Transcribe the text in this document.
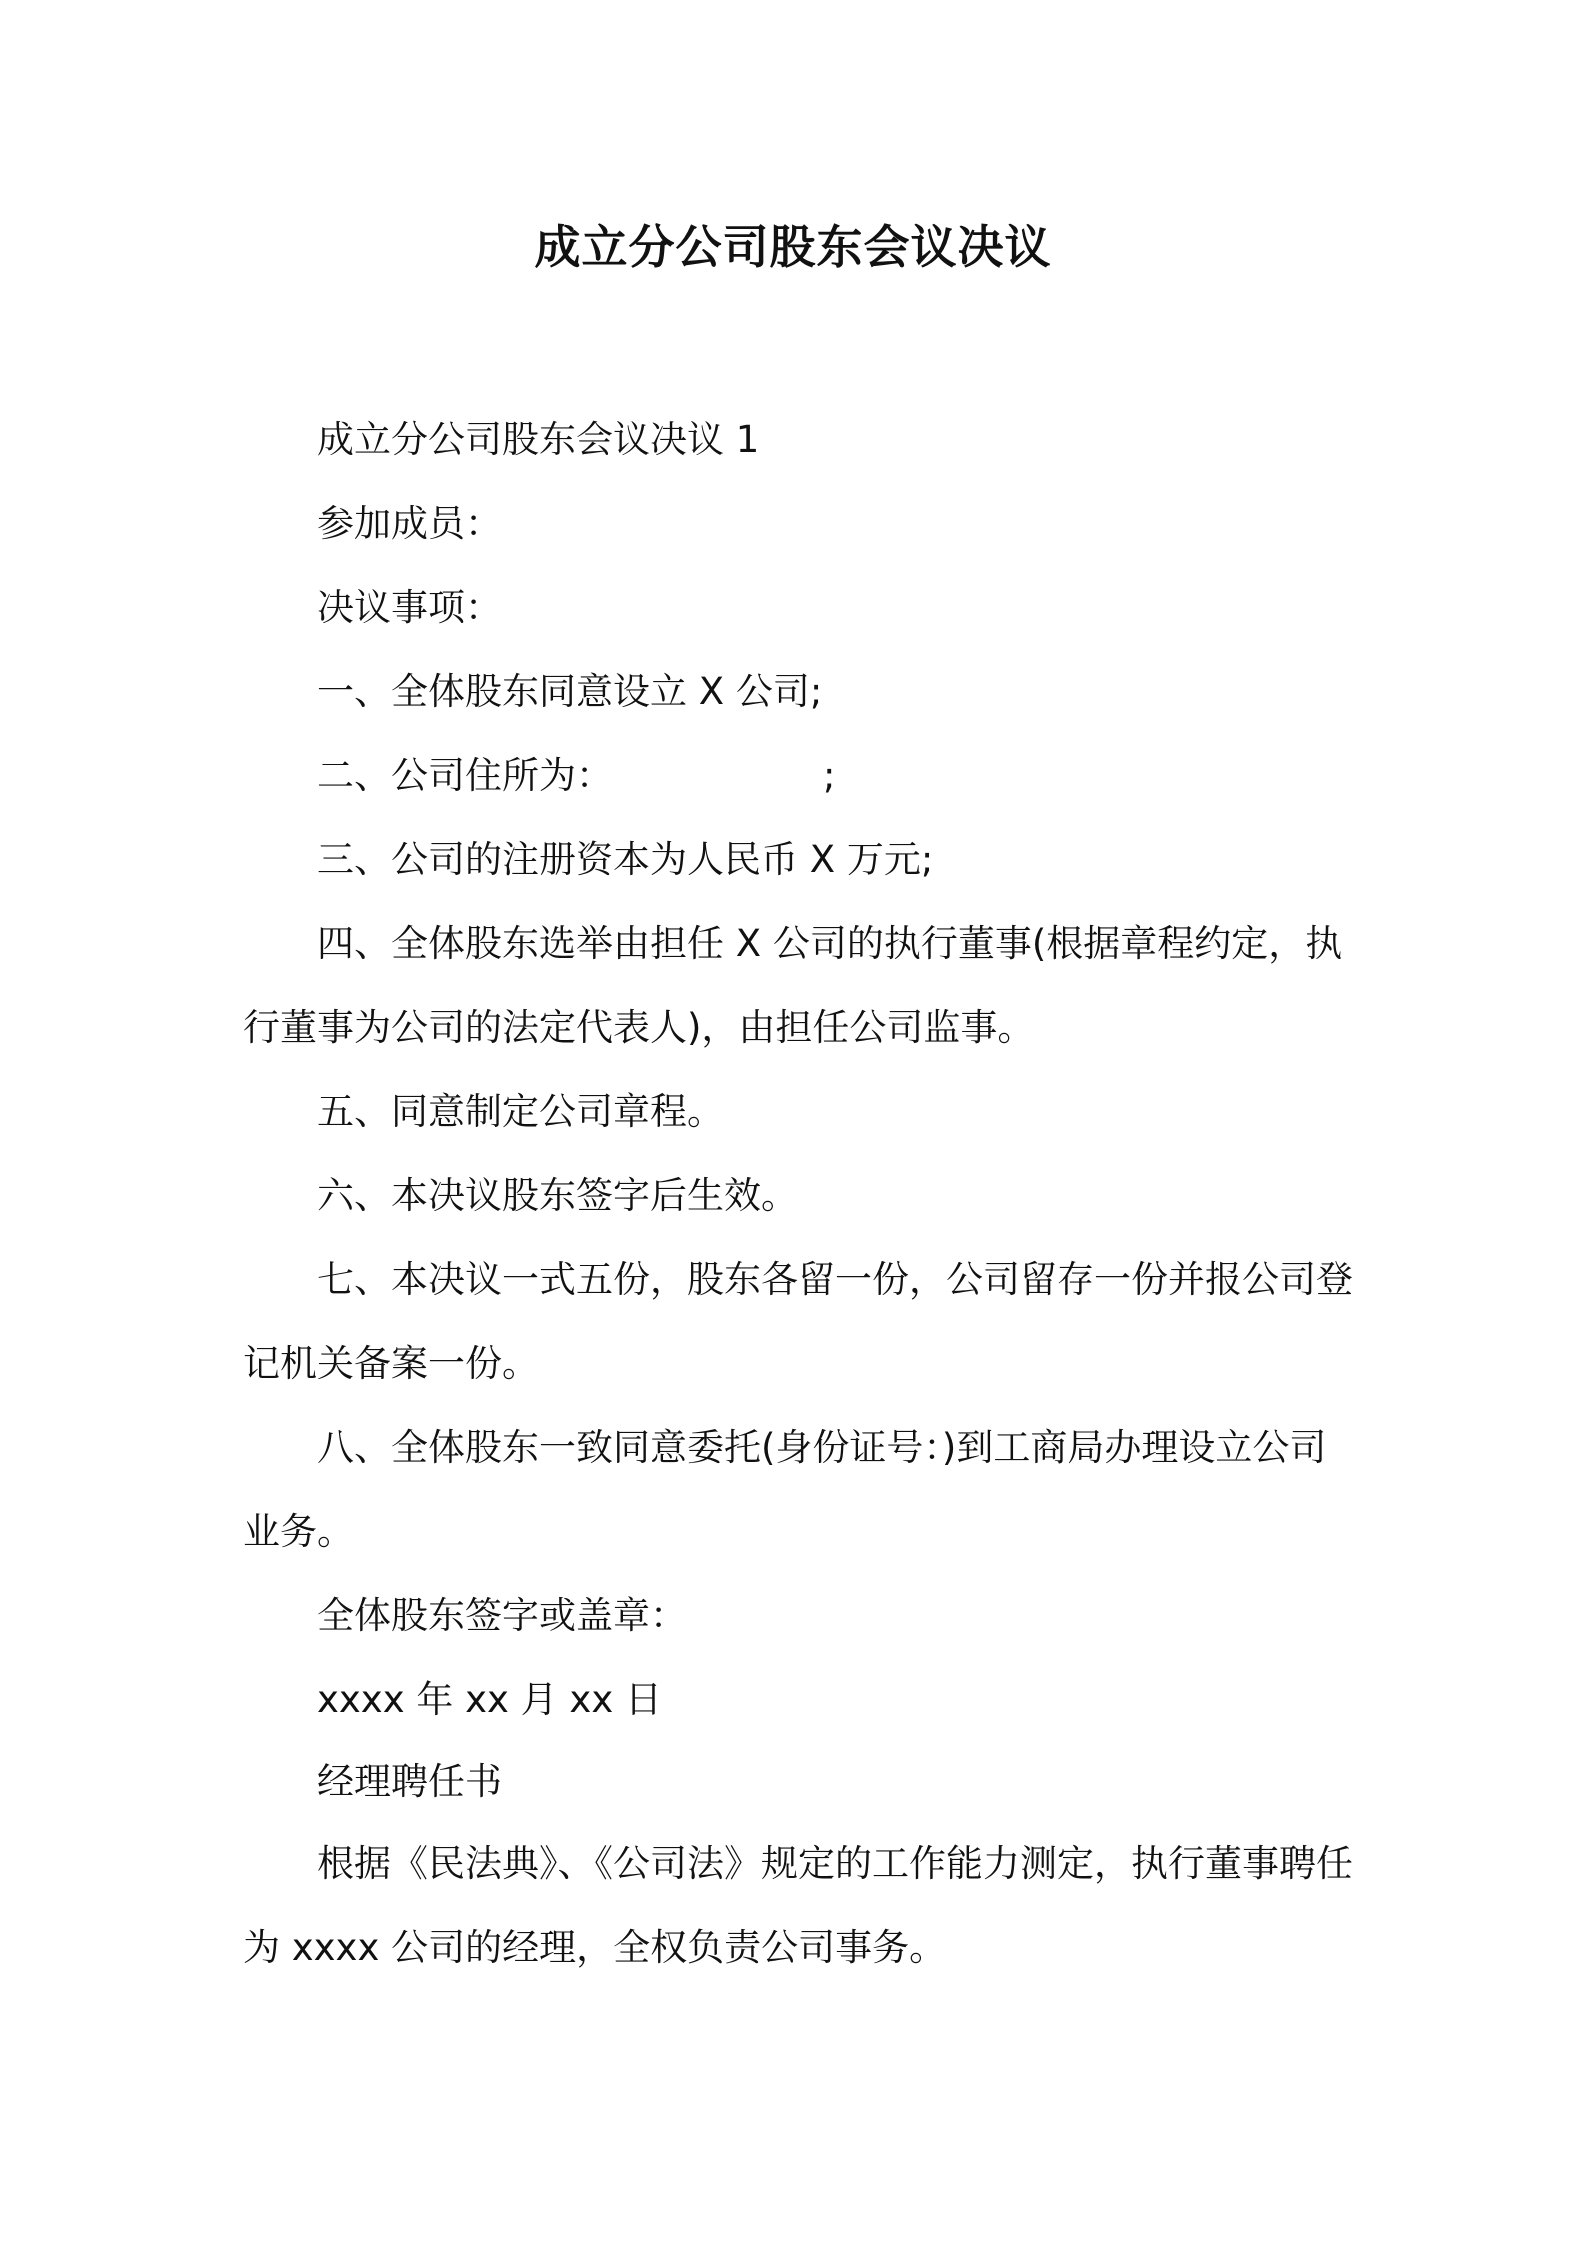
成立分公司股东会议决议

成立分公司股东会议决议 1

参加成员：

决议事项：

一、全体股东同意设立 X 公司;

二、公司住所为：	;

三、公司的注册资本为人民币 X 万元;

四、全体股东选举由担任 X 公司的执行董事(根据章程约定，执行董事为公司的法定代表人)，由担任公司监事。

五、同意制定公司章程。

六、本决议股东签字后生效。

七、本决议一式五份，股东各留一份，公司留存一份并报公司登记机关备案一份。

八、全体股东一致同意委托(身份证号：)到工商局办理设立公司业务。

全体股东签字或盖章：

xxxx 年 xx 月 xx 日

经理聘任书

根据《民法典》、《公司法》规定的工作能力测定，执行董事聘任为 xxxx 公司的经理，全权负责公司事务。
